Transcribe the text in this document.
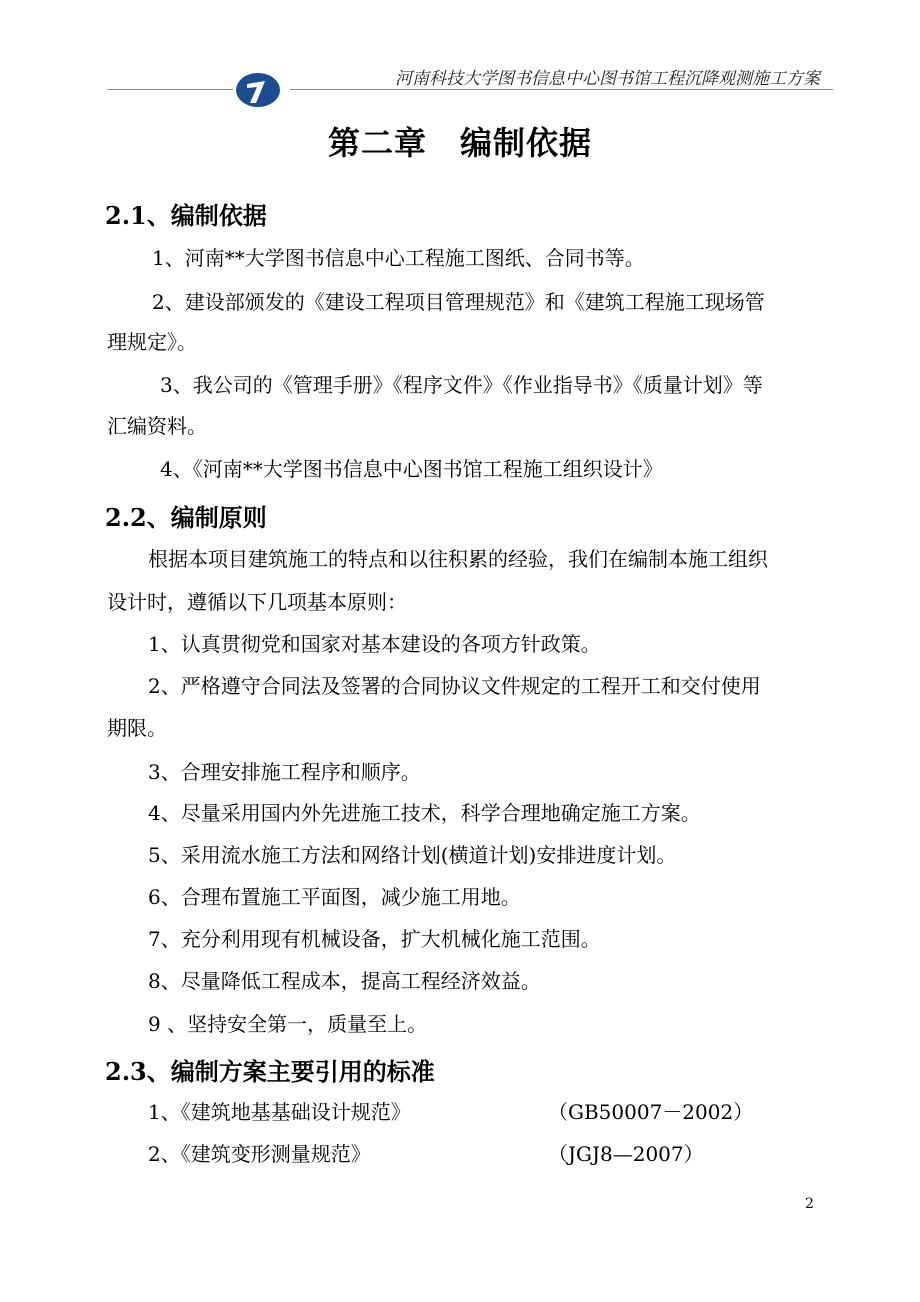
河南科技大学图书信息中心图书馆工程沉降观测施工方案
第二章　编制依据
2.1、编制依据
1、河南**大学图书信息中心工程施工图纸、合同书等。
2、建设部颁发的《建设工程项目管理规范》和《建筑工程施工现场管
理规定》。
3、我公司的《管理手册》《程序文件》《作业指导书》《质量计划》等
汇编资料。
4、《河南**大学图书信息中心图书馆工程施工组织设计》
2.2、编制原则
根据本项目建筑施工的特点和以往积累的经验，我们在编制本施工组织
设计时，遵循以下几项基本原则：
1、认真贯彻党和国家对基本建设的各项方针政策。
2、严格遵守合同法及签署的合同协议文件规定的工程开工和交付使用
期限。
3、合理安排施工程序和顺序。
4、尽量采用国内外先进施工技术，科学合理地确定施工方案。
5、采用流水施工方法和网络计划(横道计划)安排进度计划。
6、合理布置施工平面图，减少施工用地。
7、充分利用现有机械设备，扩大机械化施工范围。
8、尽量降低工程成本，提高工程经济效益。
9 、坚持安全第一，质量至上。
2.3、编制方案主要引用的标准
1、《建筑地基基础设计规范》	（GB50007－2002）
2、《建筑变形测量规范》	（JGJ8—2007）
2
